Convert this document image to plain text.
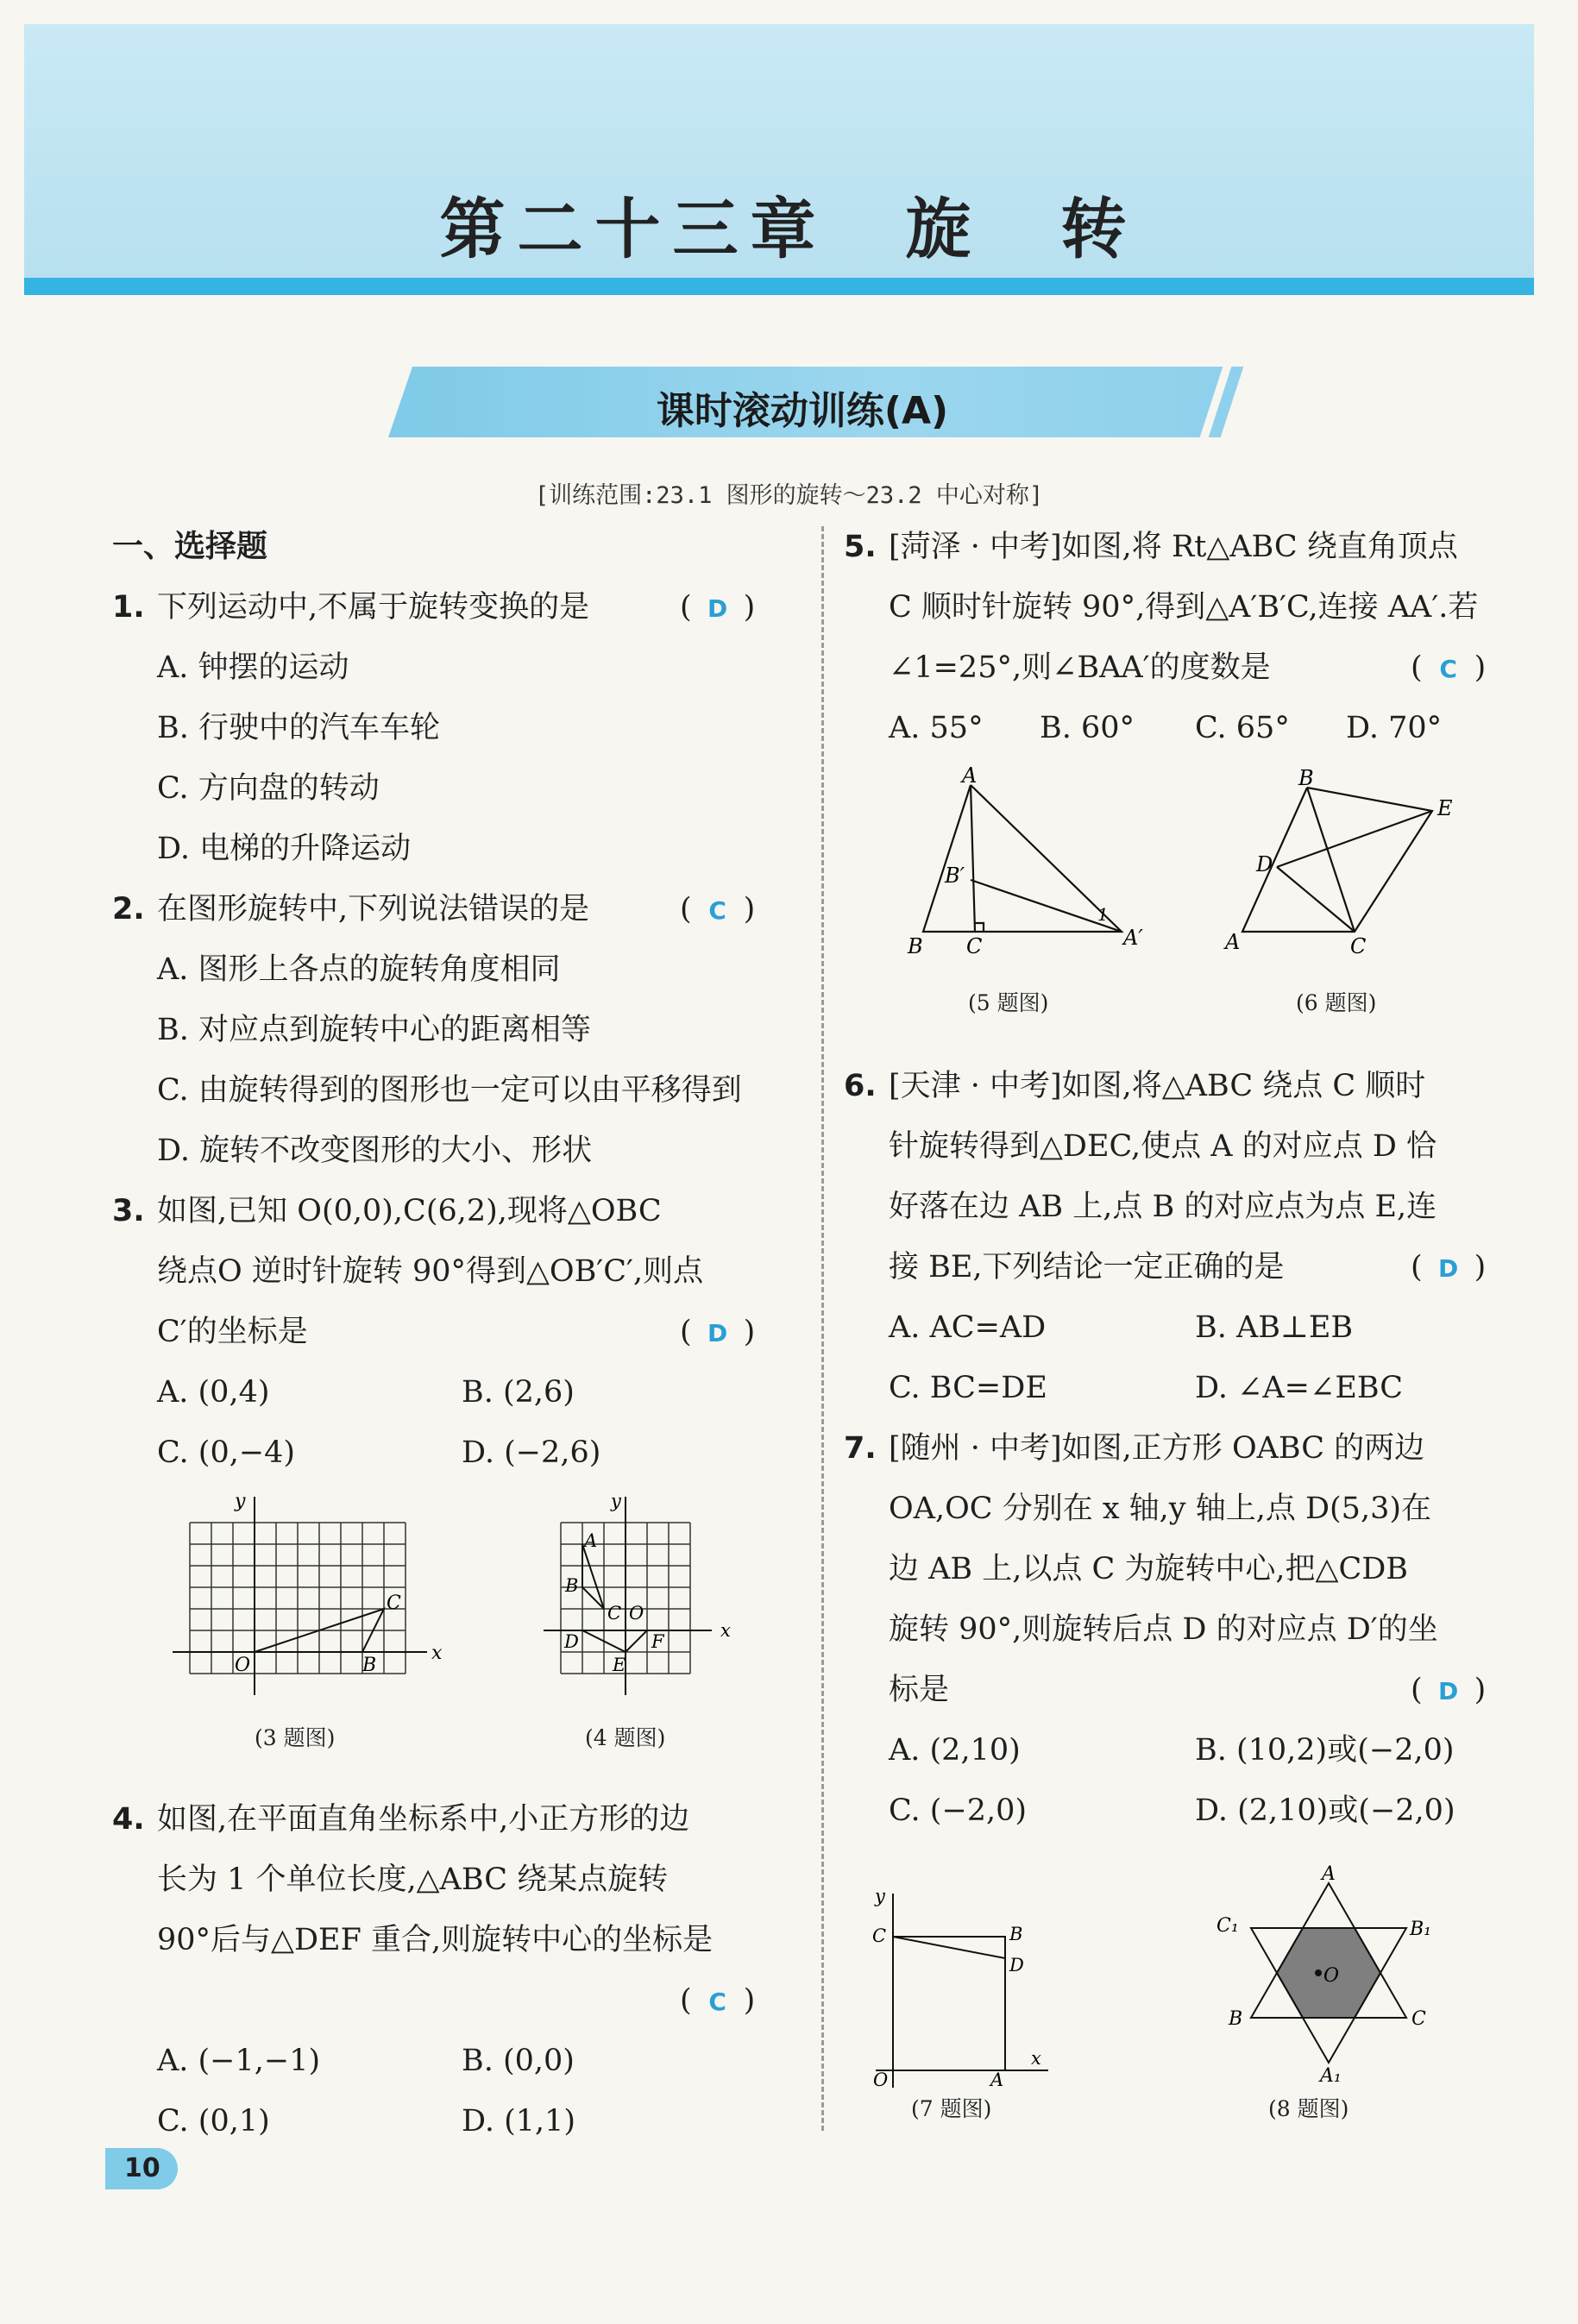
第二十三章　旋　转
课时滚动训练(A)
[训练范围:23.1 图形的旋转～23.2 中心对称]
一、选择题
1. 下列运动中,不属于旋转变换的是	( D )
A. 钟摆的运动
B. 行驶中的汽车车轮
C. 方向盘的转动
D. 电梯的升降运动
2. 在图形旋转中,下列说法错误的是	( C )
A. 图形上各点的旋转角度相同
B. 对应点到旋转中心的距离相等
C. 由旋转得到的图形也一定可以由平移得到
D. 旋转不改变图形的大小、形状
3. 如图,已知 O(0,0),C(6,2),现将△OBC
绕点O 逆时针旋转 90°得到△OB′C′,则点
C′的坐标是	( D )
A. (0,4)	B. (2,6)
C. (0,−4)	D. (−2,6)
y
x
O	B
C
(3 题图)
y
x
A
B
C O
D
E
F
(4 题图)
4. 如图,在平面直角坐标系中,小正方形的边
长为 1 个单位长度,△ABC 绕某点旋转
90°后与△DEF 重合,则旋转中心的坐标是
( C )
A. (−1,−1)	B. (0,0)
C. (0,1)	D. (1,1)
10
5. [菏泽 · 中考]如图,将 Rt△ABC 绕直角顶点
C 顺时针旋转 90°,得到△A′B′C,连接 AA′.若
∠1=25°,则∠BAA′的度数是	( C )
A. 55° B. 60° C. 65° D. 70°
A
B′
B C	A′
1
(5 题图)
B
E
D
A	C
(6 题图)
6. [天津 · 中考]如图,将△ABC 绕点 C 顺时
针旋转得到△DEC,使点 A 的对应点 D 恰
好落在边 AB 上,点 B 的对应点为点 E,连
接 BE,下列结论一定正确的是	( D )
A. AC=AD	B. AB⊥EB
C. BC=DE	D. ∠A=∠EBC
7. [随州 · 中考]如图,正方形 OABC 的两边
OA,OC 分别在 x 轴,y 轴上,点 D(5,3)在
边 AB 上,以点 C 为旋转中心,把△CDB
旋转 90°,则旋转后点 D 的对应点 D′的坐
标是	( D )
A. (2,10)	B. (10,2)或(−2,0)
C. (−2,0)	D. (2,10)或(−2,0)
y
C	B
D
O	A
x
(7 题图)
A
C₁	B₁
O
B	C
A₁
(8 题图)
